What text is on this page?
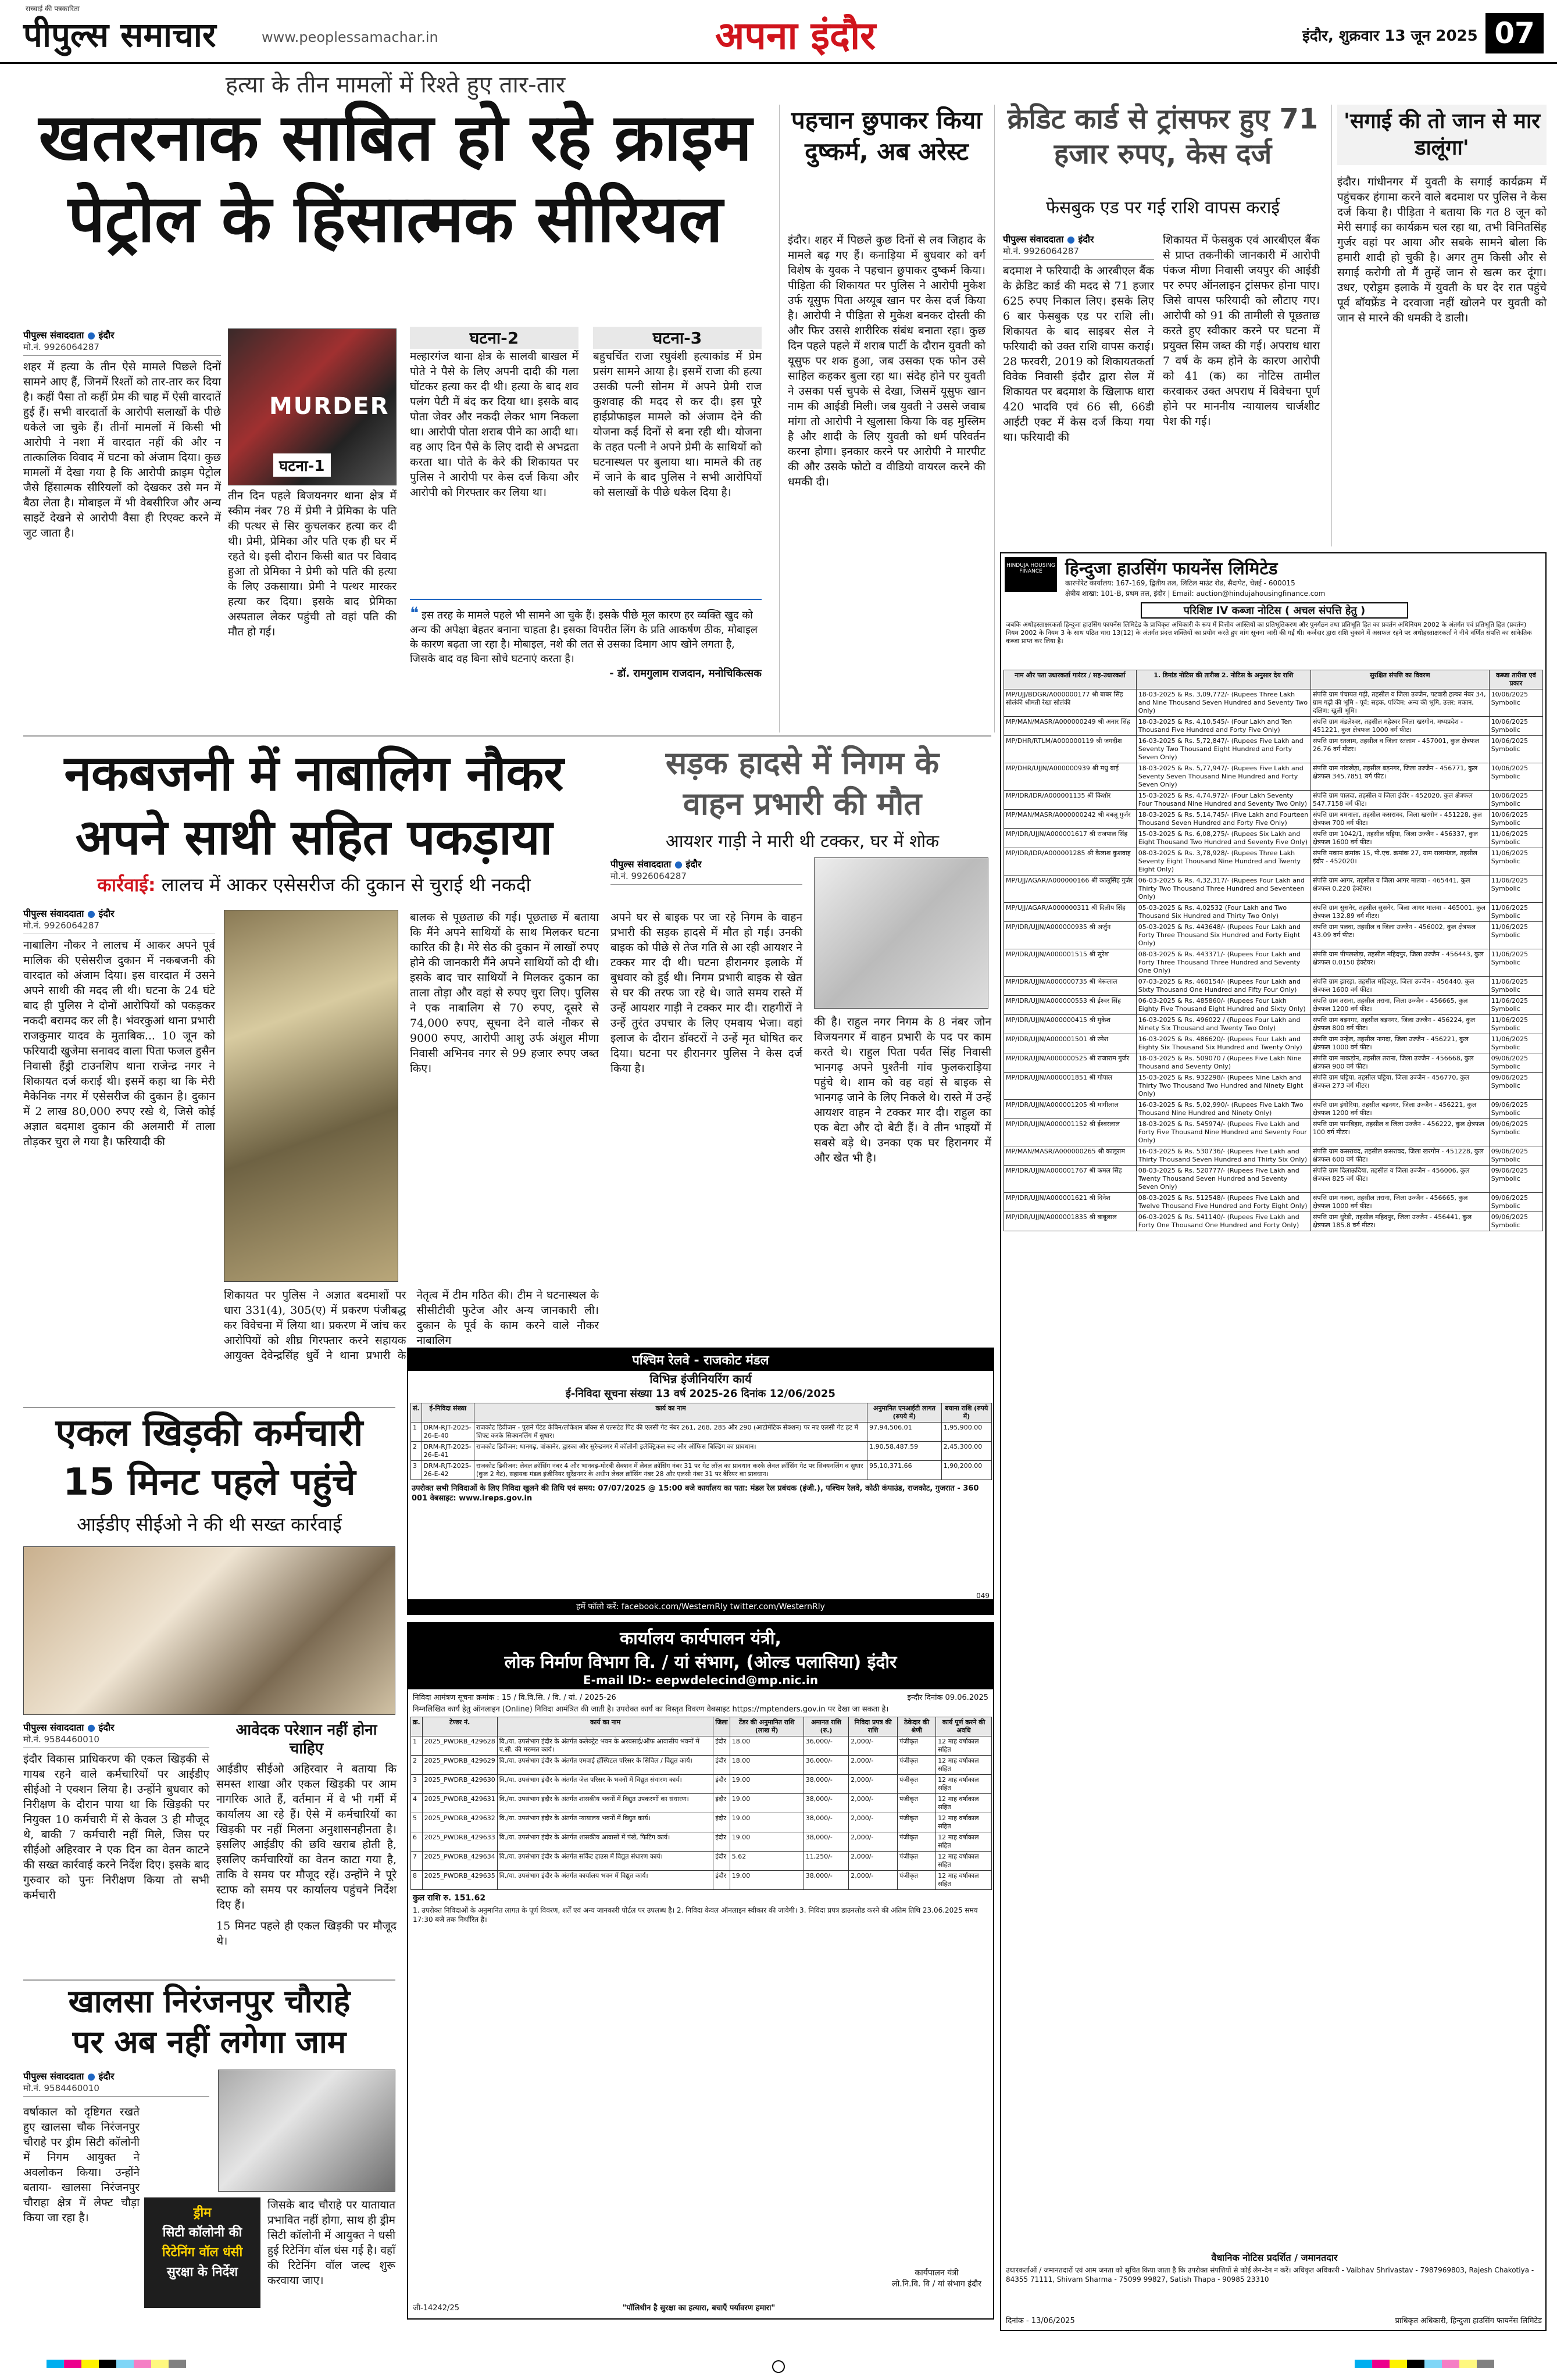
पीपुल्स समाचार
सच्चाई की पत्रकारिता
www.peoplessamachar.in	अपना इंदौर	इंदौर, शुक्रवार 13 जून 2025 07
हत्या के तीन मामलों में रिश्ते हुए तार-तार
खतरनाक साबित हो रहे क्राइम
पेट्रोल के हिंसात्मक सीरियल
पीपुल्स संवाददाता ● इंदौर
मो.नं. 9926064287

शहर में हत्या के तीन ऐसे मामले पिछले दिनों सामने आए हैं, जिनमें रिश्तों को तार-तार कर दिया है। कहीं पैसा तो कहीं प्रेम की चाह में ऐसी वारदातें हुई हैं। सभी वारदातों के आरोपी सलाखों के पीछे धकेले जा चुके हैं। तीनों मामलों में किसी भी आरोपी ने नशा में वारदात नहीं की और न तात्कालिक विवाद में घटना को अंजाम दिया। कुछ मामलों में देखा गया है कि आरोपी क्राइम पेट्रोल जैसे हिंसात्मक सीरियलों को देखकर उसे मन में बैठा लेता है। मोबाइल में भी वेबसीरिज और अन्य साइटें देखने से आरोपी वैसा ही रिएक्ट करने में जुट जाता है।

MURDER
घटना-1
तीन दिन पहले बिजयनगर थाना क्षेत्र में स्कीम नंबर 78 में प्रेमी ने प्रेमिका के पति की पत्थर से सिर कुचलकर हत्या कर दी थी। प्रेमी, प्रेमिका और पति एक ही घर में रहते थे। इसी दौरान किसी बात पर विवाद हुआ तो प्रेमिका ने प्रेमी को पति की हत्या के लिए उकसाया। प्रेमी ने पत्थर मारकर हत्या कर दिया। इसके बाद प्रेमिका अस्पताल लेकर पहुंची तो वहां पति की मौत हो गई।
घटना-2
मल्हारगंज थाना क्षेत्र के सालवी बाखल में पोते ने पैसे के लिए अपनी दादी की गला घोंटकर हत्या कर दी थी। हत्या के बाद शव पलंग पेटी में बंद कर दिया था। इसके बाद पोता जेवर और नकदी लेकर भाग निकला था। आरोपी पोता शराब पीने का आदी था। वह आए दिन पैसे के लिए दादी से अभद्रता करता था। पोते के केरे की शिकायत पर पुलिस ने आरोपी पर केस दर्ज किया और आरोपी को गिरफ्तार कर लिया था।
घटना-3
बहुचर्चित राजा रघुवंशी हत्याकांड में प्रेम प्रसंग सामने आया है। इसमें राजा की हत्या उसकी पत्नी सोनम में अपने प्रेमी राज कुशवाह की मदद से कर दी। इस पूरे हाईप्रोफाइल मामले को अंजाम देने की योजना कई दिनों से बना रही थी। योजना के तहत पत्नी ने अपने प्रेमी के साथियों को घटनास्थल पर बुलाया था। मामले की तह में जाने के बाद पुलिस ने सभी आरोपियों को सलाखों के पीछे धकेल दिया है।
❝ इस तरह के मामले पहले भी सामने आ चुके हैं। इसके पीछे मूल कारण हर व्यक्ति खुद को अन्य की अपेक्षा बेहतर बनाना चाहता है। इसका विपरीत लिंग के प्रति आकर्षण ठीक, मोबाइल के कारण बढ़ता जा रहा है। मोबाइल, नशे की लत से उसका दिमाग आप खोने लगता है, जिसके बाद वह बिना सोचे घटनाएं करता है।
- डॉ. रामगुलाम राजदान, मनोचिकित्सक
पहचान छुपाकर किया दुष्कर्म, अब अरेस्ट
इंदौर। शहर में पिछले कुछ दिनों से लव जिहाद के मामले बढ़ गए हैं। कनाड़िया में बुधवार को वर्ग विशेष के युवक ने पहचान छुपाकर दुष्कर्म किया। पीड़िता की शिकायत पर पुलिस ने आरोपी मुकेश उर्फ यूसुफ पिता अय्यूब खान पर केस दर्ज किया है। आरोपी ने पीड़िता से मुकेश बनकर दोस्ती की और फिर उससे शारीरिक संबंध बनाता रहा। कुछ दिन पहले पहले में शराब पार्टी के दौरान युवती को यूसुफ पर शक हुआ, जब उसका एक फोन उसे साहिल कहकर बुला रहा था। संदेह होने पर युवती ने उसका पर्स चुपके से देखा, जिसमें यूसुफ खान नाम की आईडी मिली। जब युवती ने उससे जवाब मांगा तो आरोपी ने खुलासा किया कि वह मुस्लिम है और शादी के लिए युवती को धर्म परिवर्तन करना होगा। इनकार करने पर आरोपी ने मारपीट की और उसके फोटो व वीडियो वायरल करने की धमकी दी।
क्रेडिट कार्ड से ट्रांसफर हुए 71 हजार रुपए, केस दर्ज
फेसबुक एड पर गई राशि वापस कराई
पीपुल्स संवाददाता ● इंदौर
मो.नं. 9926064287

बदमाश ने फरियादी के आरबीएल बैंक के क्रेडिट कार्ड की मदद से 71 हजार 625 रुपए निकाल लिए। इसके लिए 6 बार फेसबुक एड पर राशि ली। शिकायत के बाद साइबर सेल ने फरियादी को उक्त राशि वापस कराई। 28 फरवरी, 2019 को शिकायतकर्ता विवेक निवासी इंदौर द्वारा सेल में शिकायत पर बदमाश के खिलाफ धारा 420 भादवि एवं 66 सी, 66डी आईटी एक्ट में केस दर्ज किया गया था। फरियादी की

शिकायत में फेसबुक एवं आरबीएल बैंक से प्राप्त तकनीकी जानकारी में आरोपी पंकज मीणा निवासी जयपुर की आईडी पर रुपए ऑनलाइन ट्रांसफर होना पाए। जिसे वापस फरियादी को लौटाए गए। आरोपी को 91 की तामीली से पूछताछ करते हुए स्वीकार करने पर घटना में प्रयुक्त सिम जब्त की गई। अपराध धारा 7 वर्ष के कम होने के कारण आरोपी को 41 (क) का नोटिस तामील करवाकर उक्त अपराध में विवेचना पूर्ण होने पर माननीय न्यायालय चार्जशीट पेश की गई।
'सगाई की तो जान से मार डालूंगा'
इंदौर। गांधीनगर में युवती के सगाई कार्यक्रम में पहुंचकर हंगामा करने वाले बदमाश पर पुलिस ने केस दर्ज किया है। पीड़िता ने बताया कि गत 8 जून को मेरी सगाई का कार्यक्रम चल रहा था, तभी विनितसिंह गुर्जर वहां पर आया और सबके सामने बोला कि हमारी शादी हो चुकी है। अगर तुम किसी और से सगाई करोगी तो मैं तुम्हें जान से खत्म कर दूंगा। उधर, एरोड्रम इलाके में युवती के घर देर रात पहुंचे पूर्व बॉयफ्रेंड ने दरवाजा नहीं खोलने पर युवती को जान से मारने की धमकी दे डाली।
HINDUJA HOUSING FINANCE	हिन्दुजा हाउसिंग फायनेंस लिमिटेड
कारपोरेट कार्यालय: 167-169, द्वितीय तल, लिटिल माउंट रोड, सैदापेट, चेन्नई - 600015
क्षेत्रीय शाखा: 101-B, प्रथम तल, इंदौर | Email: auction@hindujahousingfinance.com
परिशिष्ट IV कब्जा नोटिस ( अचल संपत्ति हेतु )
जबकि अधोहस्ताक्षरकर्ता हिन्दुजा हाउसिंग फायनेंस लिमिटेड के प्राधिकृत अधिकारी के रूप में वित्तीय आस्तियों का प्रतिभूतिकरण और पुनर्गठन तथा प्रतिभूति हित का प्रवर्तन अधिनियम 2002 के अंतर्गत एवं प्रतिभूति हित (प्रवर्तन) नियम 2002 के नियम 3 के साथ पठित धारा 13(12) के अंतर्गत प्रदत्त शक्तियों का प्रयोग करते हुए मांग सूचना जारी की गई थी। कर्जदार द्वारा राशि चुकाने में असफल रहने पर अधोहस्ताक्षरकर्ता ने नीचे वर्णित संपत्ति का सांकेतिक कब्जा प्राप्त कर लिया है।
नाम और पता उधारकर्ता गारंटर / सह-उधारकर्ता	1. डिमांड नोटिस की तारीख 2. नोटिस के अनुसार देय राशि	सुरक्षित संपत्ति का विवरण	कब्जा तारीख एवं प्रकार
MP/UJJ/BDGR/A000000177 श्री बाबर सिंह सोलंकी श्रीमती रेखा सोलंकी	18-03-2025 & Rs. 3,09,772/- (Rupees Three Lakh and Nine Thousand Seven Hundred and Seventy Two Only)	संपत्ति ग्राम पंचायत गढ़ी, तहसील व जिला उज्जैन, पटवारी हल्का नंबर 34, ग्राम गढ़ी की भूमि - पूर्व: सड़क, पश्चिम: अन्य की भूमि, उत्तर: मकान, दक्षिण: खुली भूमि।	10/06/2025 Symbolic
MP/MAN/MASR/A000000249 श्री अनार सिंह	18-03-2025 & Rs. 4,10,545/- (Four Lakh and Ten Thousand Five Hundred and Forty Five Only)	संपत्ति ग्राम मंडलेश्वर, तहसील महेश्वर जिला खरगोन, मध्यप्रदेश - 451221, कुल क्षेत्रफल 1000 वर्ग फीट।	10/06/2025 Symbolic
MP/DHR/RTLM/A000000119 श्री जगदीश	16-03-2025 & Rs. 5,72,847/- (Rupees Five Lakh and Seventy Two Thousand Eight Hundred and Forty Seven Only)	संपत्ति ग्राम रतलाम, तहसील व जिला रतलाम - 457001, कुल क्षेत्रफल 26.76 वर्ग मीटर।	10/06/2025 Symbolic
MP/DHR/UJJN/A000000939 श्री मधु बाई	18-03-2025 & Rs. 5,77,947/- (Rupees Five Lakh and Seventy Seven Thousand Nine Hundred and Forty Seven Only)	संपत्ति ग्राम गांवखेड़ा, तहसील बड़नगर, जिला उज्जैन - 456771, कुल क्षेत्रफल 345.7851 वर्ग फीट।	10/06/2025 Symbolic
MP/IDR/IDR/A000001135 श्री किशोर	15-03-2025 & Rs. 4,74,972/- (Four Lakh Seventy Four Thousand Nine Hundred and Seventy Two Only)	संपत्ति ग्राम पालदा, तहसील व जिला इंदौर - 452020, कुल क्षेत्रफल 547.7158 वर्ग फीट।	10/06/2025 Symbolic
MP/MAN/MASR/A000000242 श्री बबलू गुर्जर	18-03-2025 & Rs. 5,14,745/- (Five Lakh and Fourteen Thousand Seven Hundred and Forty Five Only)	संपत्ति ग्राम बमनाला, तहसील कसरावद, जिला खरगोन - 451228, कुल क्षेत्रफल 700 वर्ग फीट।	10/06/2025 Symbolic
MP/IDR/UJJN/A000001617 श्री राजपाल सिंह	15-03-2025 & Rs. 6,08,275/- (Rupees Six Lakh and Eight Thousand Two Hundred and Seventy Five Only)	संपत्ति ग्राम 1042/1, तहसील घट्टिया, जिला उज्जैन - 456337, कुल क्षेत्रफल 1600 वर्ग फीट।	11/06/2025 Symbolic
MP/IDR/IDR/A000001285 श्री कैलाश कुशवाह	08-03-2025 & Rs. 3,78,928/- (Rupees Three Lakh Seventy Eight Thousand Nine Hundred and Twenty Eight Only)	संपत्ति मकान क्रमांक 15, पी.एच. क्रमांक 27, ग्राम रालामंडल, तहसील इंदौर - 452020।	11/06/2025 Symbolic
MP/UJJ/AGAR/A000000166 श्री कालूसिंह गुर्जर	06-03-2025 & Rs. 4,32,317/- (Rupees Four Lakh and Thirty Two Thousand Three Hundred and Seventeen Only)	संपत्ति ग्राम आगर, तहसील व जिला आगर मालवा - 465441, कुल क्षेत्रफल 0.220 हेक्टेयर।	11/06/2025 Symbolic
MP/UJJ/AGAR/A000000311 श्री दिलीप सिंह	05-03-2025 & Rs. 4,02532 (Four Lakh and Two Thousand Six Hundred and Thirty Two Only)	संपत्ति ग्राम सुसनेर, तहसील सुसनेर, जिला आगर मालवा - 465001, कुल क्षेत्रफल 132.89 वर्ग मीटर।	11/06/2025 Symbolic
MP/IDR/UJJN/A000000935 श्री अर्जुन	05-03-2025 & Rs. 443648/- (Rupees Four Lakh and Forty Three Thousand Six Hundred and Forty Eight Only)	संपत्ति ग्राम पलवा, तहसील व जिला उज्जैन - 456002, कुल क्षेत्रफल 43.09 वर्ग फीट।	11/06/2025 Symbolic
MP/IDR/UJJN/A000001515 श्री सुरेश	08-03-2025 & Rs. 443371/- (Rupees Four Lakh and Forty Three Thousand Three Hundred and Seventy One Only)	संपत्ति ग्राम पीपलखेड़ा, तहसील महिदपुर, जिला उज्जैन - 456443, कुल क्षेत्रफल 0.0150 हेक्टेयर।	11/06/2025 Symbolic
MP/IDR/UJJN/A000000735 श्री भेरूलाल	07-03-2025 & Rs. 460154/- (Rupees Four Lakh and Sixty Thousand One Hundred and Fifty Four Only)	संपत्ति ग्राम झारड़ा, तहसील महिदपुर, जिला उज्जैन - 456440, कुल क्षेत्रफल 1600 वर्ग फीट।	11/06/2025 Symbolic
MP/IDR/UJJN/A000000553 श्री ईश्वर सिंह	06-03-2025 & Rs. 485860/- (Rupees Four Lakh Eighty Five Thousand Eight Hundred and Sixty Only)	संपत्ति ग्राम तराना, तहसील तराना, जिला उज्जैन - 456665, कुल क्षेत्रफल 1200 वर्ग फीट।	11/06/2025 Symbolic
MP/IDR/UJJN/A000000415 श्री मुकेश	16-03-2025 & Rs. 496022 / (Rupees Four Lakh and Ninety Six Thousand and Twenty Two Only)	संपत्ति ग्राम बड़नगर, तहसील बड़नगर, जिला उज्जैन - 456224, कुल क्षेत्रफल 800 वर्ग फीट।	11/06/2025 Symbolic
MP/IDR/UJJN/A000001501 श्री रमेश	16-03-2025 & Rs. 486620/- (Rupees Four Lakh and Eighty Six Thousand Six Hundred and Twenty Only)	संपत्ति ग्राम उन्हेल, तहसील नागदा, जिला उज्जैन - 456221, कुल क्षेत्रफल 1000 वर्ग फीट।	11/06/2025 Symbolic
MP/IDR/UJJN/A000000525 श्री राजाराम गुर्जर	18-03-2025 & Rs. 509070 / (Rupees Five Lakh Nine Thousand and Seventy Only)	संपत्ति ग्राम माकड़ोन, तहसील तराना, जिला उज्जैन - 456668, कुल क्षेत्रफल 900 वर्ग फीट।	09/06/2025 Symbolic
MP/IDR/UJJN/A000001851 श्री गोपाल	15-03-2025 & Rs. 932298/- (Rupees Nine Lakh and Thirty Two Thousand Two Hundred and Ninety Eight Only)	संपत्ति ग्राम घट्टिया, तहसील घट्टिया, जिला उज्जैन - 456770, कुल क्षेत्रफल 273 वर्ग मीटर।	09/06/2025 Symbolic
MP/IDR/UJJN/A000001205 श्री मांगीलाल	16-03-2025 & Rs. 5,02,990/- (Rupees Five Lakh Two Thousand Nine Hundred and Ninety Only)	संपत्ति ग्राम इंगोरिया, तहसील बड़नगर, जिला उज्जैन - 456221, कुल क्षेत्रफल 1200 वर्ग फीट।	09/06/2025 Symbolic
MP/IDR/UJJN/A000001152 श्री ईश्वरलाल	18-03-2025 & Rs. 545974/- (Rupees Five Lakh and Forty Five Thousand Nine Hundred and Seventy Four Only)	संपत्ति ग्राम पानबिहार, तहसील व जिला उज्जैन - 456222, कुल क्षेत्रफल 100 वर्ग मीटर।	09/06/2025 Symbolic
MP/MAN/MASR/A000000265 श्री कालूराम	16-03-2025 & Rs. 530736/- (Rupees Five Lakh and Thirty Thousand Seven Hundred and Thirty Six Only)	संपत्ति ग्राम कसरावद, तहसील कसरावद, जिला खरगोन - 451228, कुल क्षेत्रफल 600 वर्ग फीट।	09/06/2025 Symbolic
MP/IDR/UJJN/A000001767 श्री कमल सिंह	08-03-2025 & Rs. 520777/- (Rupees Five Lakh and Twenty Thousand Seven Hundred and Seventy Seven Only)	संपत्ति ग्राम दिलाऊदिया, तहसील व जिला उज्जैन - 456006, कुल क्षेत्रफल 825 वर्ग फीट।	09/06/2025 Symbolic
MP/IDR/UJJN/A000001621 श्री दिनेश	08-03-2025 & Rs. 512548/- (Rupees Five Lakh and Twelve Thousand Five Hundred and Forty Eight Only)	संपत्ति ग्राम नलवा, तहसील तराना, जिला उज्जैन - 456665, कुल क्षेत्रफल 1000 वर्ग फीट।	09/06/2025 Symbolic
MP/IDR/UJJN/A000001835 श्री बाबूलाल	06-03-2025 & Rs. 541140/- (Rupees Five Lakh and Forty One Thousand One Hundred and Forty Only)	संपत्ति ग्राम धुरेड़ी, तहसील महिदपुर, जिला उज्जैन - 456441, कुल क्षेत्रफल 185.8 वर्ग मीटर।	09/06/2025 Symbolic
वैधानिक नोटिस प्रदर्शित / जमानतदार
उधारकर्ताओं / जमानतदारों एवं आम जनता को सूचित किया जाता है कि उपरोक्त संपत्तियों से कोई लेन-देन न करें। अधिकृत अधिकारी - Vaibhav Shrivastav - 7987969803, Rajesh Chakotiya - 84355 71111, Shivam Sharma - 75099 99827, Satish Thapa - 90985 23310
दिनांक - 13/06/2025	प्राधिकृत अधिकारी, हिन्दुजा हाउसिंग फायनेंस लिमिटेड
नकबजनी में नाबालिग नौकर
अपने साथी सहित पकड़ाया
कार्रवाई: लालच में आकर एसेसरीज की दुकान से चुराई थी नकदी
पीपुल्स संवाददाता ● इंदौर
मो.नं. 9926064287

नाबालिग नौकर ने लालच में आकर अपने पूर्व मालिक की एसेसरीज दुकान में नकबजनी की वारदात को अंजाम दिया। इस वारदात में उसने अपने साथी की मदद ली थी। घटना के 24 घंटे बाद ही पुलिस ने दोनों आरोपियों को पकड़कर नकदी बरामद कर ली है। भंवरकुआं थाना प्रभारी राजकुमार यादव के मुताबिक... 10 जून को फरियादी खुजेमा सनावद वाला पिता फजल हुसैन निवासी हैंड्री टाउनशिप थाना राजेन्द्र नगर ने शिकायत दर्ज कराई थी। इसमें कहा था कि मेरी मैकेनिक नगर में एसेसरीज की दुकान है। दुकान में 2 लाख 80,000 रुपए रखे थे, जिसे कोई अज्ञात बदमाश दुकान की अलमारी में ताला तोड़कर चुरा ले गया है। फरियादी की

बालक से पूछताछ की गई। पूछताछ में बताया कि मैंने अपने साथियों के साथ मिलकर घटना कारित की है। मेरे सेठ की दुकान में लाखों रुपए होने की जानकारी मैंने अपने साथियों को दी थी। इसके बाद चार साथियों ने मिलकर दुकान का ताला तोड़ा और वहां से रुपए चुरा लिए। पुलिस ने एक नाबालिग से 70 रुपए, दूसरे से 74,000 रुपए, सूचना देने वाले नौकर से 9000 रुपए, आरोपी आशु उर्फ अंशुल मीणा निवासी अभिनव नगर से 99 हजार रुपए जब्त किए।
शिकायत पर पुलिस ने अज्ञात बदमाशों पर धारा 331(4), 305(ए) में प्रकरण पंजीबद्ध कर विवेचना में लिया था। प्रकरण में जांच कर आरोपियों को शीघ्र गिरफ्तार करने सहायक आयुक्त देवेन्द्रसिंह धुर्वे ने थाना प्रभारी के नेतृत्व में टीम गठित की। टीम ने घटनास्थल के सीसीटीवी फुटेज और अन्य जानकारी ली। दुकान के पूर्व के काम करने वाले नौकर नाबालिग
सड़क हादसे में निगम के
वाहन प्रभारी की मौत
आयशर गाड़ी ने मारी थी टक्कर, घर में शोक
पीपुल्स संवाददाता ● इंदौर
मो.नं. 9926064287
अपने घर से बाइक पर जा रहे निगम के वाहन प्रभारी की सड़क हादसे में मौत हो गई। उनकी बाइक को पीछे से तेज गति से आ रही आयशर ने टक्कर मार दी थी। घटना हीरानगर इलाके में बुधवार को हुई थी। निगम प्रभारी बाइक से खेत से घर की तरफ जा रहे थे। जाते समय रास्ते में उन्हें आयशर गाड़ी ने टक्कर मार दी। राहगीरों ने उन्हें तुरंत उपचार के लिए एमवाय भेजा। वहां इलाज के दौरान डॉक्टरों ने उन्हें मृत घोषित कर दिया। घटना पर हीरानगर पुलिस ने केस दर्ज किया है।
की है। राहुल नगर निगम के 8 नंबर जोन विजयनगर में वाहन प्रभारी के पद पर काम करते थे। राहुल पिता पर्वत सिंह निवासी भानगढ़ अपने पुश्तैनी गांव फुलकराड़िया पहुंचे थे। शाम को वह वहां से बाइक से भानगढ़ जाने के लिए निकले थे। रास्ते में उन्हें आयशर वाहन ने टक्कर मार दी। राहुल का एक बेटा और दो बेटी हैं। वे तीन भाइयों में सबसे बड़े थे। उनका एक घर हिरानगर में और खेत भी है।
पश्चिम रेलवे - राजकोट मंडल
विभिन्न इंजीनियरिंग कार्य
ई-निविदा सूचना संख्या 13 वर्ष 2025-26 दिनांक 12/06/2025
सं.	ई-निविदा संख्या	कार्य का नाम	अनुमानित एनआईटी लागत (रुपये में)	बयाना राशि (रुपये में)
1	DRM-RJT-2025-26-E-40	राजकोट डिवीजन - पुराने पेंटेड केबिन/लोकेशन बॉक्स से एल्सटेड पिट की एलसी गेट नंबर 261, 268, 285 और 290 (आटोमेटिक सेक्शन) पर नए एलसी गेट हट में शिफ्ट करके सिक्यनलिंग में सुधार।	97,94,506.01	1,95,900.00
2	DRM-RJT-2025-26-E-41	राजकोट डिवीजन: थानगढ़, वांकानेर, द्वारका और सुरेन्द्रनगर में कॉलोनी इलेक्ट्रिकल रूट और ऑफिस बिल्डिंग का प्रावधान।	1,90,58,487.59	2,45,300.00
3	DRM-RJT-2025-26-E-42	राजकोट डिवीजन: लेवल क्रॉसिंग नंबर 4 और भानवड़-मोरबी सेक्शन में लेवल क्रॉसिंग नंबर 31 पर गेट लॉज़ का प्रावधान करके लेवल क्रॉसिंग गेट पर सिक्यनलिंग व सुधार (कुल 2 गेट), सहायक मंडल इंजीनियर सुरेंद्रनगर के अधीन लेवल क्रॉसिंग नंबर 28 और एलसी नंबर 31 पर बैरियर का प्रावधान।	95,10,371.66	1,90,200.00
उपरोक्त सभी निविदाओं के लिए निविदा खुलने की तिथि एवं समय: 07/07/2025 @ 15:00 बजे कार्यालय का पता: मंडल रेल प्रबंधक (इंजी.), पश्चिम रेलवे, कोठी कंपाउंड, राजकोट, गुजरात - 360 001 वेबसाइट: www.ireps.gov.in
हमें फॉलो करें: facebook.com/WesternRly twitter.com/WesternRly
049
एकल खिड़की कर्मचारी
15 मिनट पहले पहुंचे
आईडीए सीईओ ने की थी सख्त कार्रवाई
पीपुल्स संवाददाता ● इंदौर
मो.नं. 9584460010

इंदौर विकास प्राधिकरण की एकल खिड़की से गायब रहने वाले कर्मचारियों पर आईडीए सीईओ ने एक्शन लिया है। उन्होंने बुधवार को निरीक्षण के दौरान पाया था कि खिड़की पर नियुक्त 10 कर्मचारी में से केवल 3 ही मौजूद थे, बाकी 7 कर्मचारी नहीं मिले, जिस पर सीईओ अहिरवार ने एक दिन का वेतन काटने की सख्त कार्रवाई करने निर्देश दिए। इसके बाद गुरुवार को पुनः निरीक्षण किया तो सभी कर्मचारी

आवेदक परेशान नहीं होना चाहिए

आईडीए सीईओ अहिरवार ने बताया कि समस्त शाखा और एकल खिड़की पर आम नागरिक आते हैं, वर्तमान में वे भी गर्मी में कार्यालय आ रहे हैं। ऐसे में कर्मचारियों का खिड़की पर नहीं मिलना अनुशासनहीनता है। इसलिए आईडीए की छवि खराब होती है, इसलिए कर्मचारियों का वेतन काटा गया है, ताकि वे समय पर मौजूद रहें। उन्होंने ने पूरे स्टाफ को समय पर कार्यालय पहुंचने निर्देश दिए हैं।

15 मिनट पहले ही एकल खिड़की पर मौजूद थे।

खालसा निरंजनपुर चौराहे
पर अब नहीं लगेगा जाम
पीपुल्स संवाददाता ● इंदौर
मो.नं. 9584460010
वर्षाकाल को दृष्टिगत रखते हुए खालसा चौक निरंजनपुर चौराहे पर ड्रीम सिटी कॉलोनी में निगम आयुक्त ने अवलोकन किया। उन्होंने बताया- खालसा निरंजनपुर चौराहा क्षेत्र में लेफ्ट चौड़ा किया जा रहा है।	ड्रीम
सिटी कॉलोनी की
रिटेनिंग वॉल धंसी
सुरक्षा के निर्देश
जिसके बाद चौराहे पर यातायात प्रभावित नहीं होगा, साथ ही ड्रीम सिटी कॉलोनी में आयुक्त ने धसी हुई रिटेनिंग वॉल धंस गई है। वहाँ की रिटेनिंग वॉल जल्द शुरू करवाया जाए।
कार्यालय कार्यपालन यंत्री,
लोक निर्माण विभाग वि. / यां संभाग, (ओल्ड पलासिया) इंदौर
E-mail ID:- eepwdelecind@mp.nic.in
निविदा आमंत्रण सूचना क्रमांक : 15 / वि.वि.सि. / वि. / यां. / 2025-26	इन्दौर दिनांक 09.06.2025
निम्नलिखित कार्य हेतु ऑनलाइन (Online) निविदा आमंत्रित की जाती है। उपरोक्त कार्य का विस्तृत विवरण वेबसाइट https://mptenders.gov.in पर देखा जा सकता है।
क्र.	टेण्डर नं.	कार्य का नाम	जिला	टेंडर की अनुमानित राशि (लाख में)	अमानत राशि (रु.)	निविदा प्रपत्र की राशि	ठेकेदार की श्रेणी	कार्य पूर्ण करने की अवधि
1	2025_PWDRB_429628	वि./या. उपसंभाग इंदौर के अंतर्गत कलेक्ट्रेट भवन के अरबसाई/ऑफ आवासीय भवनों में ए.सी. की मरम्मत कार्य।	इंदौर	18.00	36,000/-	2,000/-	पंजीकृत	12 माह वर्षाकाल सहित
2	2025_PWDRB_429629	वि./या. उपसंभाग इंदौर के अंतर्गत एमवाई हॉस्पिटल परिसर के सिविल / विद्युत कार्य।	इंदौर	18.00	36,000/-	2,000/-	पंजीकृत	12 माह वर्षाकाल सहित
3	2025_PWDRB_429630	वि./या. उपसंभाग इंदौर के अंतर्गत जेल परिसर के भवनों में विद्युत संधारण कार्य।	इंदौर	19.00	38,000/-	2,000/-	पंजीकृत	12 माह वर्षाकाल सहित
4	2025_PWDRB_429631	वि./या. उपसंभाग इंदौर के अंतर्गत शासकीय भवनों में विद्युत उपकरणों का संधारण।	इंदौर	19.00	38,000/-	2,000/-	पंजीकृत	12 माह वर्षाकाल सहित
5	2025_PWDRB_429632	वि./या. उपसंभाग इंदौर के अंतर्गत न्यायालय भवनों में विद्युत कार्य।	इंदौर	19.00	38,000/-	2,000/-	पंजीकृत	12 माह वर्षाकाल सहित
6	2025_PWDRB_429633	वि./या. उपसंभाग इंदौर के अंतर्गत शासकीय आवासों में पंखे, फिटिंग कार्य।	इंदौर	19.00	38,000/-	2,000/-	पंजीकृत	12 माह वर्षाकाल सहित
7	2025_PWDRB_429634	वि./या. उपसंभाग इंदौर के अंतर्गत सर्किट हाउस में विद्युत संधारण कार्य।	इंदौर	5.62	11,250/-	2,000/-	पंजीकृत	12 माह वर्षाकाल सहित
8	2025_PWDRB_429635	वि./या. उपसंभाग इंदौर के अंतर्गत कार्यालय भवन में विद्युत कार्य।	इंदौर	19.00	38,000/-	2,000/-	पंजीकृत	12 माह वर्षाकाल सहित
कुल राशि रु. 151.62
1. उपरोक्त निविदाओं के अनुमानित लागत के पूर्ण विवरण, शर्तें एवं अन्य जानकारी पोर्टल पर उपलब्ध है। 2. निविदा केवल ऑनलाइन स्वीकार की जावेगी। 3. निविदा प्रपत्र डाउनलोड करने की अंतिम तिथि 23.06.2025 समय 17:30 बजे तक निर्धारित है।
कार्यपालन यंत्री
लो.नि.वि. वि / यां संभाग इंदौर
"पॉलिथीन है सुरक्षा का हत्यारा, बचाएँ पर्यावरण हमारा"
जी-14242/25
